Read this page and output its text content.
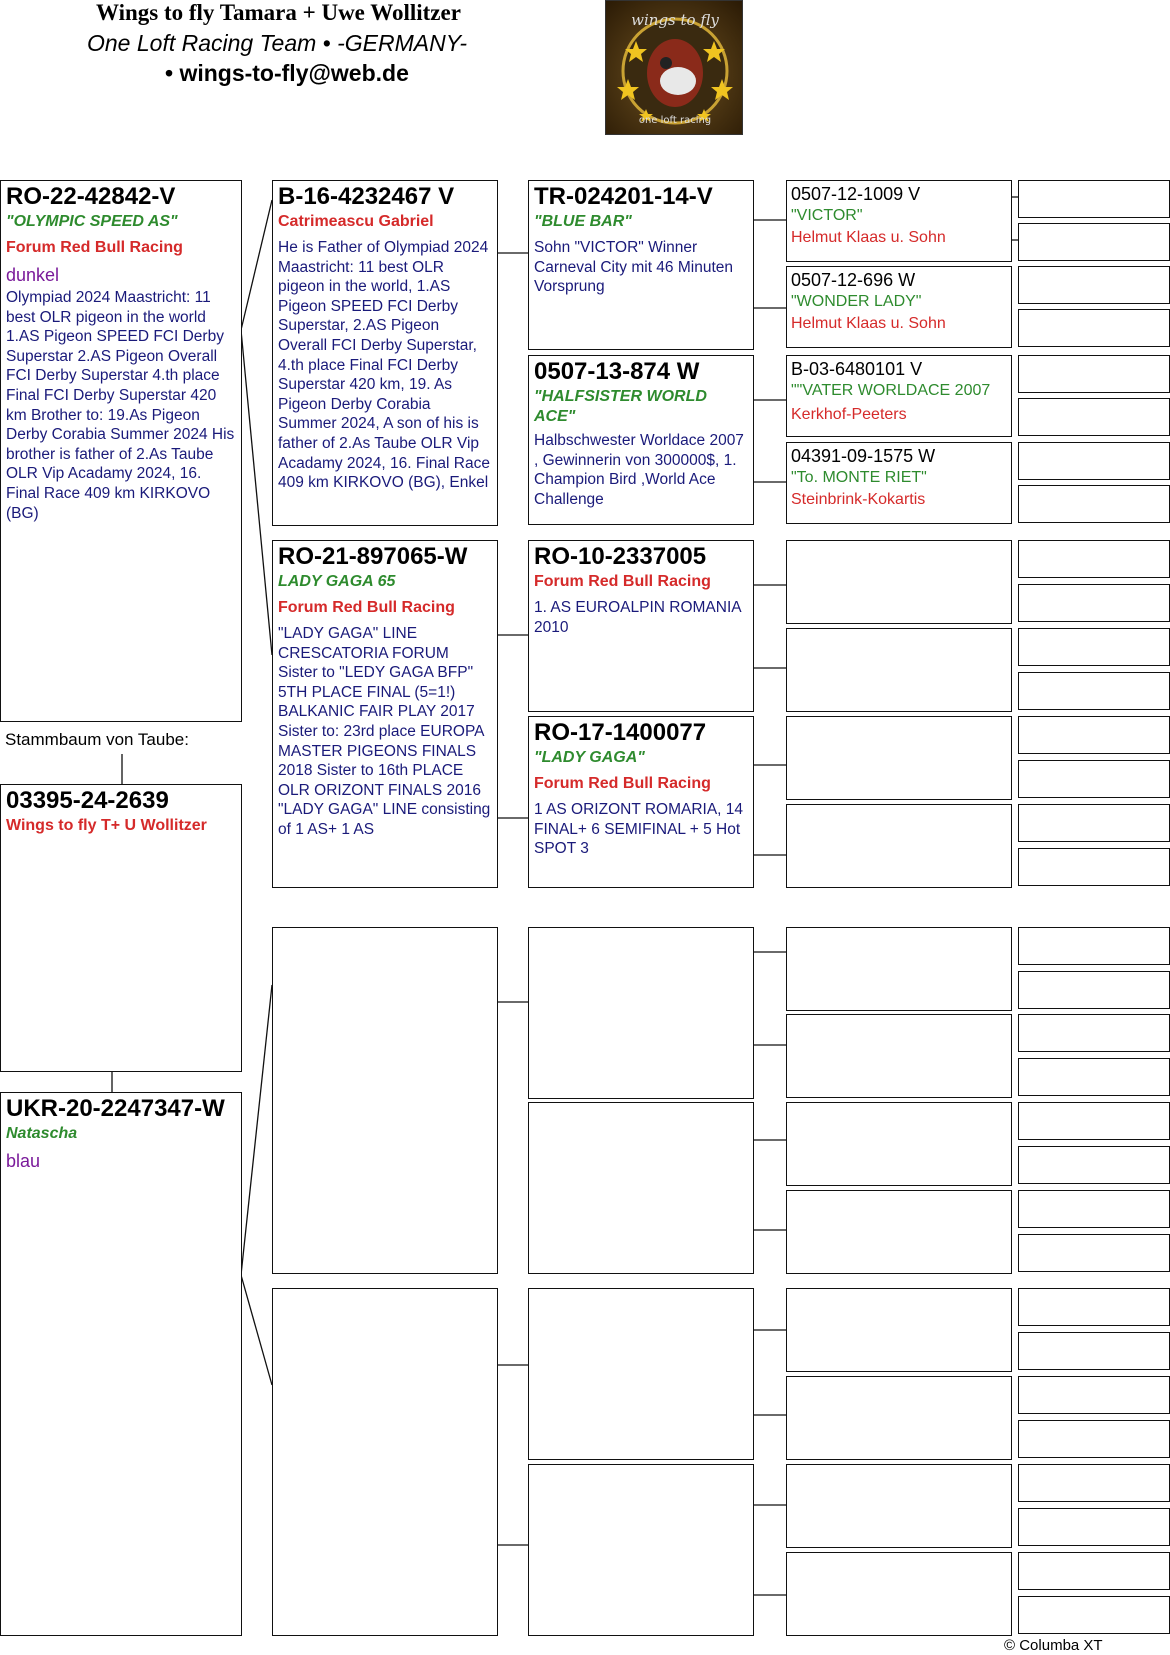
Wings to fly Tamara + Uwe Wollitzer
One Loft Racing Team • -GERMANY-
• wings-to-fly@web.de
wings to fly
one loft racing
RO-22-42842-V
"OLYMPIC SPEED AS"
Forum Red Bull Racing
dunkel
Olympiad 2024 Maastricht: 11 best OLR pigeon in the world 1.AS Pigeon SPEED FCI Derby Superstar 2.AS Pigeon Overall FCI Derby Superstar 4.th place Final FCI Derby Superstar 420 km Brother to: 19.As Pigeon Derby Corabia Summer 2024 His brother is father of 2.As Taube OLR Vip Acadamy 2024, 16. Final Race 409 km KIRKOVO (BG)
Stammbaum von Taube:
03395-24-2639
Wings to fly T+ U Wollitzer
UKR-20-2247347-W
Natascha
blau
B-16-4232467 V
Catrimeascu Gabriel
He is Father of Olympiad 2024 Maastricht: 11 best OLR pigeon in the world, 1.AS Pigeon SPEED FCI Derby Superstar, 2.AS Pigeon Overall FCI Derby Superstar, 4.th place Final FCI Derby Superstar 420 km, 19. As Pigeon Derby Corabia Summer 2024, A son of his is father of 2.As Taube OLR Vip Acadamy 2024, 16. Final Race 409 km KIRKOVO (BG), Enkel
RO-21-897065-W
LADY GAGA 65
Forum Red Bull Racing
"LADY GAGA" LINE CRESCATORIA FORUM Sister to "LEDY GAGA BFP" 5TH PLACE FINAL (5=1!) BALKANIC FAIR PLAY 2017 Sister to: 23rd place EUROPA MASTER PIGEONS FINALS 2018 Sister to 16th PLACE OLR ORIZONT FINALS 2016 "LADY GAGA" LINE consisting of 1 AS+ 1 AS
TR-024201-14-V
"BLUE BAR"
Sohn "VICTOR" Winner Carneval City mit 46 Minuten Vorsprung
0507-13-874 W
"HALFSISTER WORLD ACE"
Halbschwester Worldace 2007 , Gewinnerin von 300000$, 1. Champion Bird ,World Ace Challenge
RO-10-2337005
Forum Red Bull Racing
1. AS EUROALPIN ROMANIA 2010
RO-17-1400077
"LADY GAGA"
Forum Red Bull Racing
1 AS ORIZONT ROMARIA, 14 FINAL+ 6 SEMIFINAL + 5 Hot SPOT 3
0507-12-1009 V
"VICTOR"
Helmut Klaas u. Sohn
0507-12-696 W
"WONDER LADY"
Helmut Klaas u. Sohn
B-03-6480101 V
""VATER WORLDACE 2007
Kerkhof-Peeters
04391-09-1575 W
"To. MONTE RIET"
Steinbrink-Kokartis
© Columba XT
